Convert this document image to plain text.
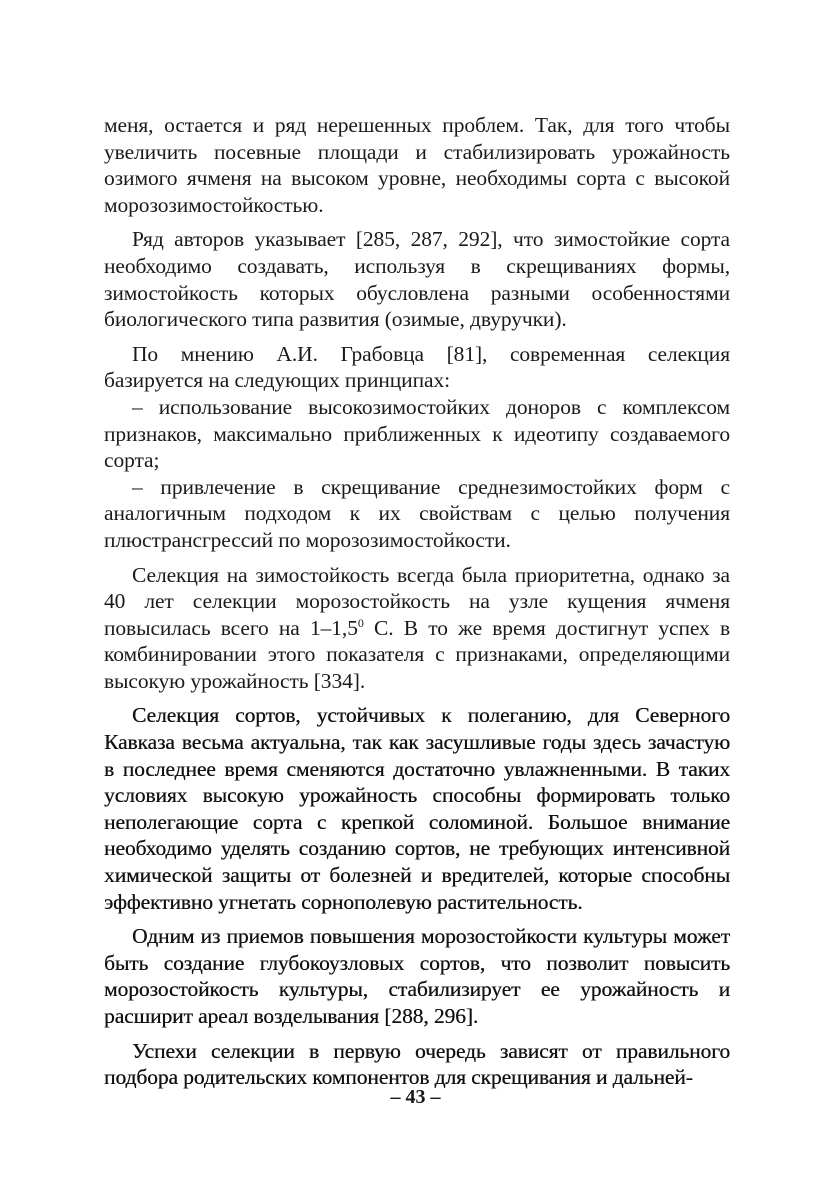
меня, остается и ряд нерешенных проблем. Так, для того чтобы увеличить посевные площади и стабилизировать урожайность озимого ячменя на высоком уровне, необходимы сорта с высокой морозозимостойкостью.

Ряд авторов указывает [285, 287, 292], что зимостойкие сорта необходимо создавать, используя в скрещиваниях формы, зимостойкость которых обусловлена разными особенностями биологического типа развития (озимые, двуручки).

По мнению А.И. Грабовца [81], современная селекция базируется на следующих принципах:

– использование высокозимостойких доноров с комплексом признаков, максимально приближенных к идеотипу создаваемого сорта;

– привлечение в скрещивание среднезимостойких форм с аналогичным подходом к их свойствам с целью получения плюстрансгрессий по морозозимостойкости.

Селекция на зимостойкость всегда была приоритетна, однако за 40 лет селекции морозостойкость на узле кущения ячменя повысилась всего на $1-1,5^0$ С. В то же время достигнут успех в комбинировании этого показателя с признаками, определяющими высокую урожайность [334].

Селекция сортов, устойчивых к полеганию, для Северного Кавказа весьма актуальна, так как засушливые годы здесь зачастую в последнее время сменяются достаточно увлажненными. В таких условиях высокую урожайность способны формировать только неполегающие сорта с крепкой соломиной. Большое внимание необходимо уделять созданию сортов, не требующих интенсивной химической защиты от болезней и вредителей, которые способны эффективно угнетать сорнополевую растительность.

Одним из приемов повышения морозостойкости культуры может быть создание глубокоузловых сортов, что позволит повысить морозостойкость культуры, стабилизирует ее урожайность и расширит ареал возделывания [288, 296].

Успехи селекции в первую очередь зависят от правильного подбора родительских компонентов для скрещивания и дальней-

– 43 –
